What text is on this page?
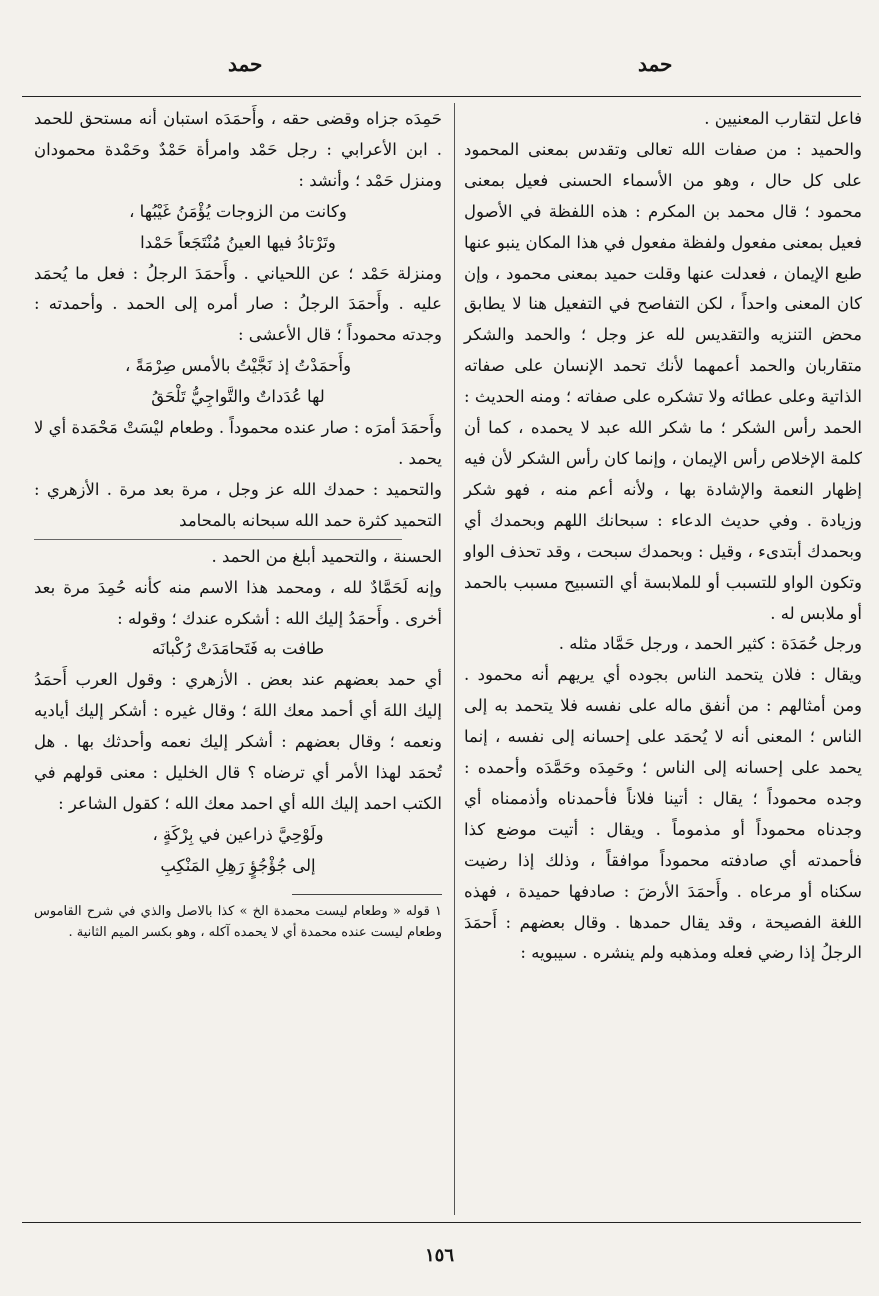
حمد	حمد

فاعل لتقارب المعنيين .

والحميد : من صفات الله تعالى وتقدس بمعنى المحمود على كل حال ، وهو من الأسماء الحسنى فعيل بمعنى محمود ؛ قال محمد بن المكرم : هذه اللفظة في الأصول فعيل بمعنى مفعول ولفظة مفعول في هذا المكان ينبو عنها طبع الإيمان ، فعدلت عنها وقلت حميد بمعنى محمود ، وإن كان المعنى واحداً ، لكن التفاصح في التفعيل هنا لا يطابق محض التنزيه والتقديس لله عز وجل ؛ والحمد والشكر متقاربان والحمد أعمهما لأنك تحمد الإنسان على صفاته الذاتية وعلى عطائه ولا تشكره على صفاته ؛ ومنه الحديث : الحمد رأس الشكر ؛ ما شكر الله عبد لا يحمده ، كما أن كلمة الإخلاص رأس الإيمان ، وإنما كان رأس الشكر لأن فيه إظهار النعمة والإشادة بها ، ولأنه أعم منه ، فهو شكر وزيادة . وفي حديث الدعاء : سبحانك اللهم وبحمدك أي وبحمدك أبتدىء ، وقيل : وبحمدك سبحت ، وقد تحذف الواو وتكون الواو للتسبب أو للملابسة أي التسبيح مسبب بالحمد أو ملابس له .

ورجل حُمَدَة : كثير الحمد ، ورجل حَمَّاد مثله .

ويقال : فلان يتحمد الناس بجوده أي يريهم أنه محمود . ومن أمثالهم : من أنفق ماله على نفسه فلا يتحمد به إلى الناس ؛ المعنى أنه لا يُحمَد على إحسانه إلى نفسه ، إنما يحمد على إحسانه إلى الناس ؛ وحَمِدَه وحَمَّدَه وأحمده : وجده محموداً ؛ يقال : أتينا فلاناً فأحمدناه وأذممناه أي وجدناه محموداً أو مذموماً . ويقال : أتيت موضع كذا فأحمدته أي صادفته محموداً موافقاً ، وذلك إذا رضيت سكناه أو مرعاه . وأَحمَدَ الأرضَ : صادفها حميدة ، فهذه اللغة الفصيحة ، وقد يقال حمدها . وقال بعضهم : أَحمَدَ الرجلُ إذا رضي فعله ومذهبه ولم ينشره . سيبويه :

حَمِدَه جزاه وقضى حقه ، وأَحمَدَه استبان أنه مستحق للحمد . ابن الأعرابي : رجل حَمْد وامرأة حَمْدٌ وحَمْدة محمودان ومنزل حَمْد ؛ وأنشد :

وكانت من الزوجات يُؤْمَنُ غَيْبُها ،

وتَرْتادُ فيها العينُ مُنْتَجَعاً حَمْدا

ومنزلة حَمْد ؛ عن اللحياني . وأَحمَدَ الرجلُ : فعل ما يُحمَد عليه . وأَحمَدَ الرجلُ : صار أمره إلى الحمد . وأحمدته : وجدته محموداً ؛ قال الأعشى :

وأَحمَدْتُ إذ نَجَّيْتُ بالأمس صِرْمَةً ،

لها عُدَداتٌ والتَّواجِيُّ تَلْحَقُ

وأَحمَدَ أمرَه : صار عنده محموداً . وطعام ليْسَتْ مَحْمَدة أي لا يحمد .

والتحميد : حمدك الله عز وجل ، مرة بعد مرة . الأزهري : التحميد كثرة حمد الله سبحانه بالمحامد

الحسنة ، والتحميد أبلغ من الحمد .

وإنه لَحَمَّادٌ لله ، ومحمد هذا الاسم منه كأنه حُمِدَ مرة بعد أخرى . وأَحمَدُ إليك الله : أشكره عندك ؛ وقوله :

طافت به فَتَحامَدَتْ رُكْبانَه

أي حمد بعضهم عند بعض . الأزهري : وقول العرب أَحمَدُ إليك اللهَ أي أحمد معك اللهَ ؛ وقال غيره : أشكر إليك أياديه ونعمه ؛ وقال بعضهم : أشكر إليك نعمه وأحدثك بها . هل تُحمَد لهذا الأمر أي ترضاه ؟ قال الخليل : معنى قولهم في الكتب احمد إليك الله أي احمد معك الله ؛ كقول الشاعر :

ولَوْحِيَّ ذراعين في بِرْكَةٍ ،

إلى جُؤْجُؤٍ رَهِلِ المَنْكِبِ

١ قوله « وطعام ليست محمدة الخ » كذا بالاصل والذي في شرح القاموس وطعام ليست عنده محمدة أي لا يحمده آكله ، وهو بكسر الميم الثانية .

١٥٦
